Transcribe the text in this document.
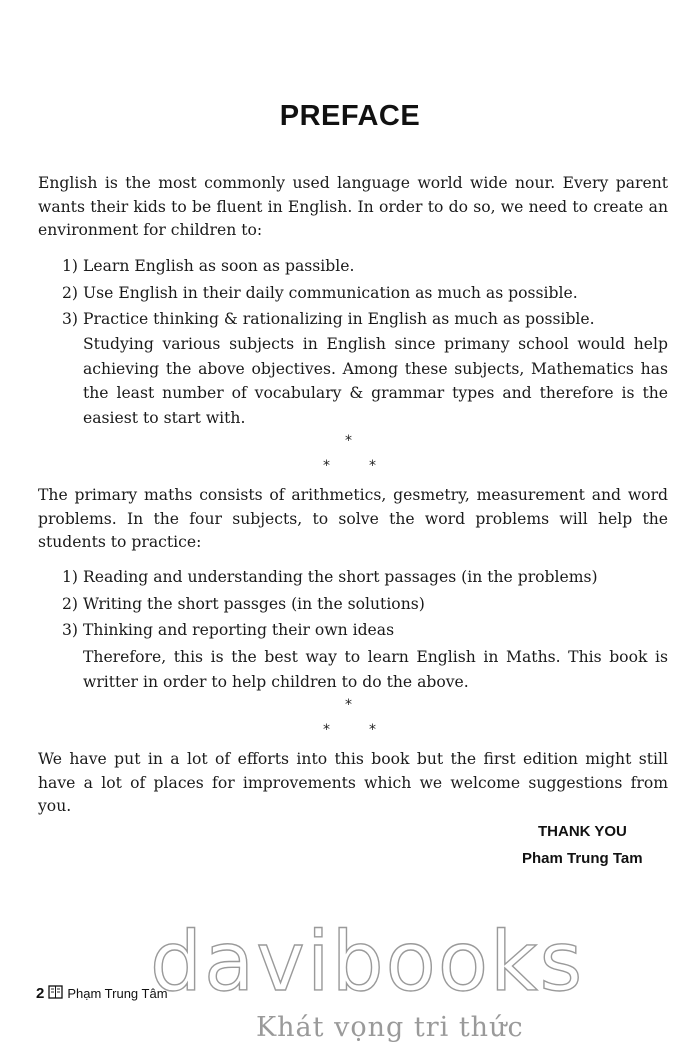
PREFACE

English is the most commonly used language world wide nour. Every parent wants their kids to be fluent in English. In order to do so, we need to create an environment for children to:

1) Learn English as soon as passible.
2) Use English in their daily communication as much as possible.
3) Practice thinking & rationalizing in English as much as possible.

Studying various subjects in English since primany school would help achieving the above objectives. Among these subjects, Mathematics has the least number of vocabulary & grammar types and therefore is the easiest to start with.

*
*	*

The primary maths consists of arithmetics, gesmetry, measurement and word problems. In the four subjects, to solve the word problems will help the students to practice:

1) Reading and understanding the short passages (in the problems)
2) Writing the short passges (in the solutions)
3) Thinking and reporting their own ideas

Therefore, this is the best way to learn English in Maths. This book is writter in order to help children to do the above.

*
*	*

We have put in a lot of efforts into this book but the first edition might still have a lot of places for improvements which we welcome suggestions from you.

THANK YOU
Pham Trung Tam
davibooks
Khát vọng tri thức
2 Phạm Trung Tâm
